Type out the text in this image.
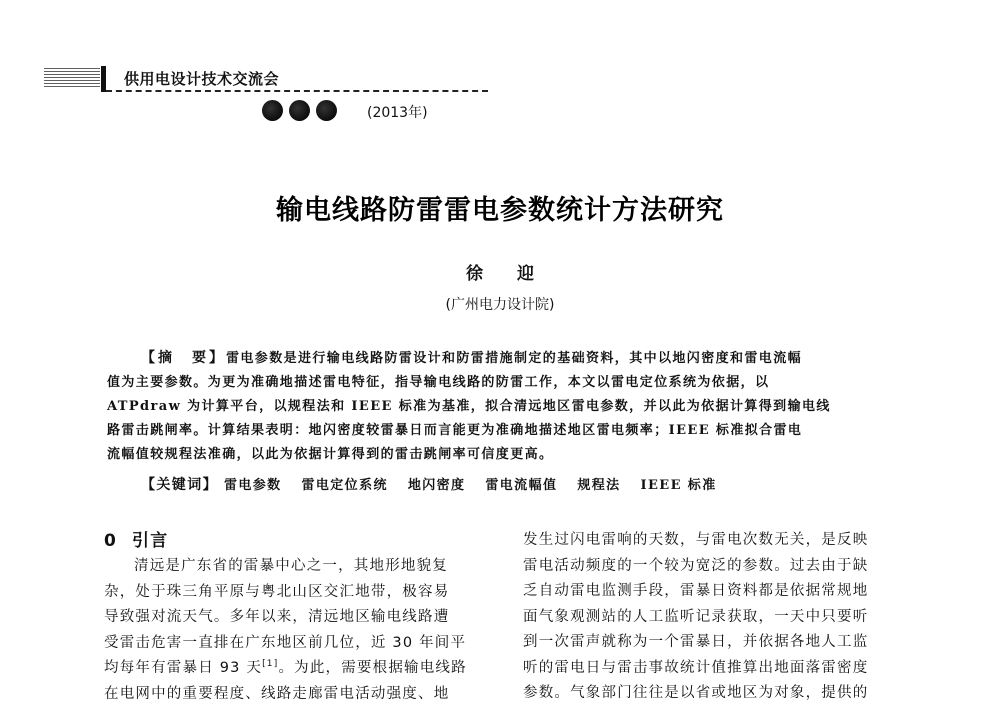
供用电设计技术交流会
(2013年)
输电线路防雷雷电参数统计方法研究
徐 迎
(广州电力设计院)
【摘　要】雷电参数是进行输电线路防雷设计和防雷措施制定的基础资料，其中以地闪密度和雷电流幅
值为主要参数。为更为准确地描述雷电特征，指导输电线路的防雷工作，本文以雷电定位系统为依据，以
ATPdraw 为计算平台，以规程法和 IEEE 标准为基准，拟合清远地区雷电参数，并以此为依据计算得到输电线
路雷击跳闸率。计算结果表明：地闪密度较雷暴日而言能更为准确地描述地区雷电频率；IEEE 标准拟合雷电
流幅值较规程法准确，以此为依据计算得到的雷击跳闸率可信度更高。
【关键词】 雷电参数 雷电定位系统 地闪密度 雷电流幅值 规程法 IEEE 标准
0 引言
清远是广东省的雷暴中心之一，其地形地貌复
杂，处于珠三角平原与粤北山区交汇地带，极容易
导致强对流天气。多年以来，清远地区输电线路遭
受雷击危害一直排在广东地区前几位，近 30 年间平
均每年有雷暴日 93 天[1]。为此，需要根据输电线路
在电网中的重要程度、线路走廊雷电活动强度、地
发生过闪电雷响的天数，与雷电次数无关，是反映
雷电活动频度的一个较为宽泛的参数。过去由于缺
乏自动雷电监测手段，雷暴日资料都是依据常规地
面气象观测站的人工监听记录获取，一天中只要听
到一次雷声就称为一个雷暴日，并依据各地人工监
听的雷电日与雷击事故统计值推算出地面落雷密度
参数。气象部门往往是以省或地区为对象，提供的
